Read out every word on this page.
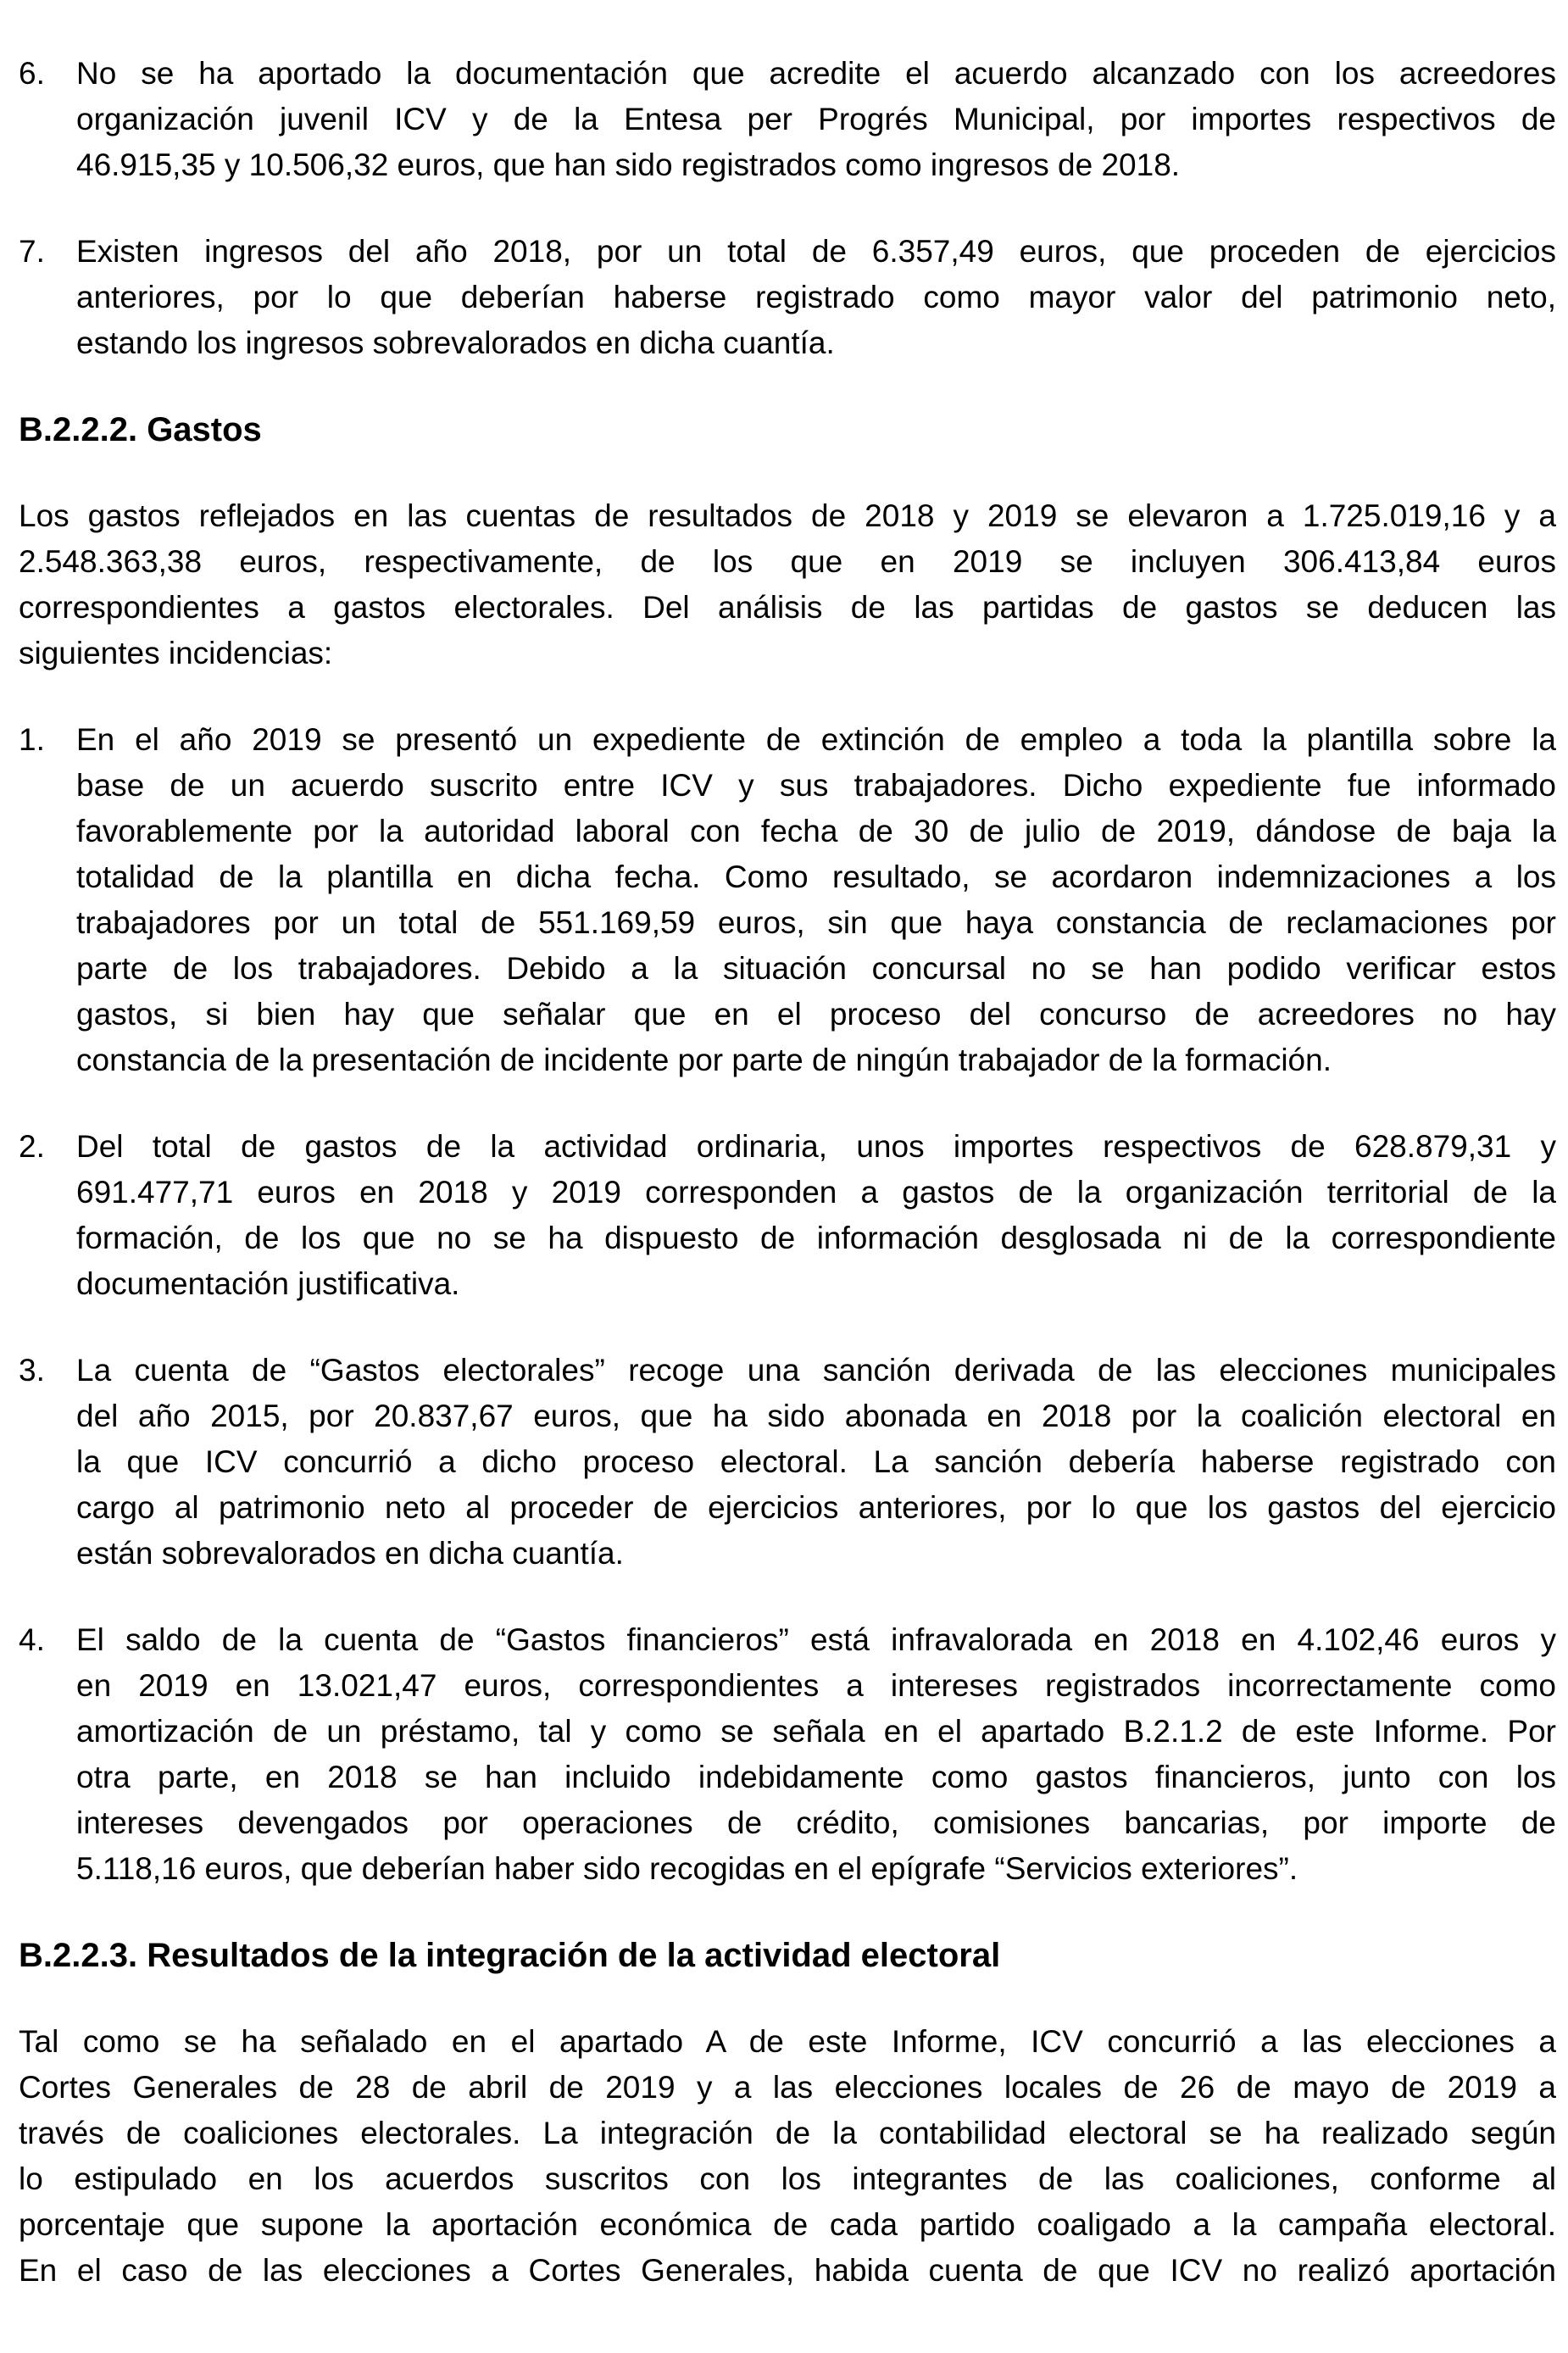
6. No se ha aportado la documentación que acredite el acuerdo alcanzado con los acreedores
organización juvenil ICV y de la Entesa per Progrés Municipal, por importes respectivos de
46.915,35 y 10.506,32 euros, que han sido registrados como ingresos de 2018.
7. Existen ingresos del año 2018, por un total de 6.357,49 euros, que proceden de ejercicios
anteriores, por lo que deberían haberse registrado como mayor valor del patrimonio neto,
estando los ingresos sobrevalorados en dicha cuantía.
B.2.2.2. Gastos
Los gastos reflejados en las cuentas de resultados de 2018 y 2019 se elevaron a 1.725.019,16 y a
2.548.363,38 euros, respectivamente, de los que en 2019 se incluyen 306.413,84 euros
correspondientes a gastos electorales. Del análisis de las partidas de gastos se deducen las
siguientes incidencias:
1. En el año 2019 se presentó un expediente de extinción de empleo a toda la plantilla sobre la
base de un acuerdo suscrito entre ICV y sus trabajadores. Dicho expediente fue informado
favorablemente por la autoridad laboral con fecha de 30 de julio de 2019, dándose de baja la
totalidad de la plantilla en dicha fecha. Como resultado, se acordaron indemnizaciones a los
trabajadores por un total de 551.169,59 euros, sin que haya constancia de reclamaciones por
parte de los trabajadores. Debido a la situación concursal no se han podido verificar estos
gastos, si bien hay que señalar que en el proceso del concurso de acreedores no hay
constancia de la presentación de incidente por parte de ningún trabajador de la formación.
2. Del total de gastos de la actividad ordinaria, unos importes respectivos de 628.879,31 y
691.477,71 euros en 2018 y 2019 corresponden a gastos de la organización territorial de la
formación, de los que no se ha dispuesto de información desglosada ni de la correspondiente
documentación justificativa.
3. La cuenta de “Gastos electorales” recoge una sanción derivada de las elecciones municipales
del año 2015, por 20.837,67 euros, que ha sido abonada en 2018 por la coalición electoral en
la que ICV concurrió a dicho proceso electoral. La sanción debería haberse registrado con
cargo al patrimonio neto al proceder de ejercicios anteriores, por lo que los gastos del ejercicio
están sobrevalorados en dicha cuantía.
4. El saldo de la cuenta de “Gastos financieros” está infravalorada en 2018 en 4.102,46 euros y
en 2019 en 13.021,47 euros, correspondientes a intereses registrados incorrectamente como
amortización de un préstamo, tal y como se señala en el apartado B.2.1.2 de este Informe. Por
otra parte, en 2018 se han incluido indebidamente como gastos financieros, junto con los
intereses devengados por operaciones de crédito, comisiones bancarias, por importe de
5.118,16 euros, que deberían haber sido recogidas en el epígrafe “Servicios exteriores”.
B.2.2.3. Resultados de la integración de la actividad electoral
Tal como se ha señalado en el apartado A de este Informe, ICV concurrió a las elecciones a
Cortes Generales de 28 de abril de 2019 y a las elecciones locales de 26 de mayo de 2019 a
través de coaliciones electorales. La integración de la contabilidad electoral se ha realizado según
lo estipulado en los acuerdos suscritos con los integrantes de las coaliciones, conforme al
porcentaje que supone la aportación económica de cada partido coaligado a la campaña electoral.
En el caso de las elecciones a Cortes Generales, habida cuenta de que ICV no realizó aportación
